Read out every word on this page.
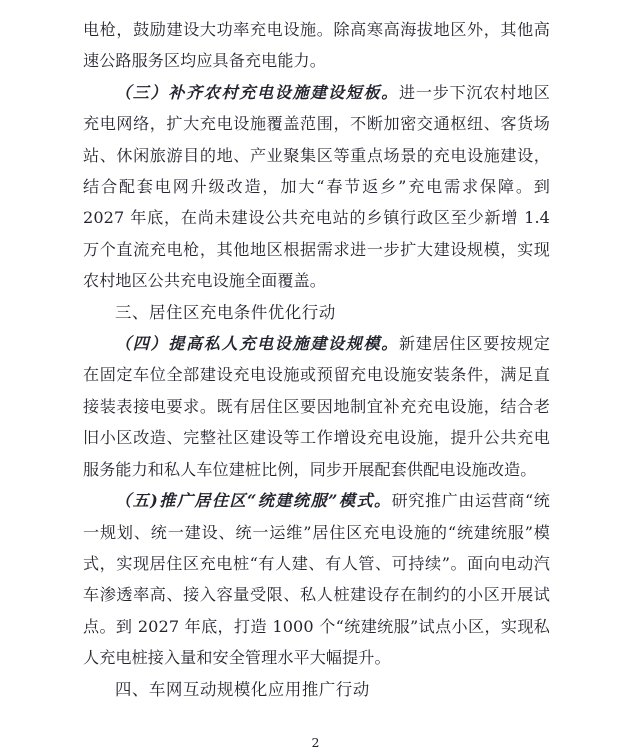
电枪，鼓励建设大功率充电设施。除高寒高海拔地区外，其他高速公路服务区均应具备充电能力。

（三）补齐农村充电设施建设短板。进一步下沉农村地区充电网络，扩大充电设施覆盖范围，不断加密交通枢纽、客货场站、休闲旅游目的地、产业聚集区等重点场景的充电设施建设，结合配套电网升级改造，加大“春节返乡”充电需求保障。到 2027 年底，在尚未建设公共充电站的乡镇行政区至少新增 1.4 万个直流充电枪，其他地区根据需求进一步扩大建设规模，实现农村地区公共充电设施全面覆盖。

三、居住区充电条件优化行动

（四）提高私人充电设施建设规模。新建居住区要按规定在固定车位全部建设充电设施或预留充电设施安装条件，满足直接装表接电要求。既有居住区要因地制宜补充充电设施，结合老旧小区改造、完整社区建设等工作增设充电设施，提升公共充电服务能力和私人车位建桩比例，同步开展配套供配电设施改造。

（五)推广居住区“统建统服”模式。研究推广由运营商“统一规划、统一建设、统一运维”居住区充电设施的“统建统服”模式，实现居住区充电桩“有人建、有人管、可持续”。面向电动汽车渗透率高、接入容量受限、私人桩建设存在制约的小区开展试点。到 2027 年底，打造 1000 个“统建统服”试点小区，实现私人充电桩接入量和安全管理水平大幅提升。

四、车网互动规模化应用推广行动

2
